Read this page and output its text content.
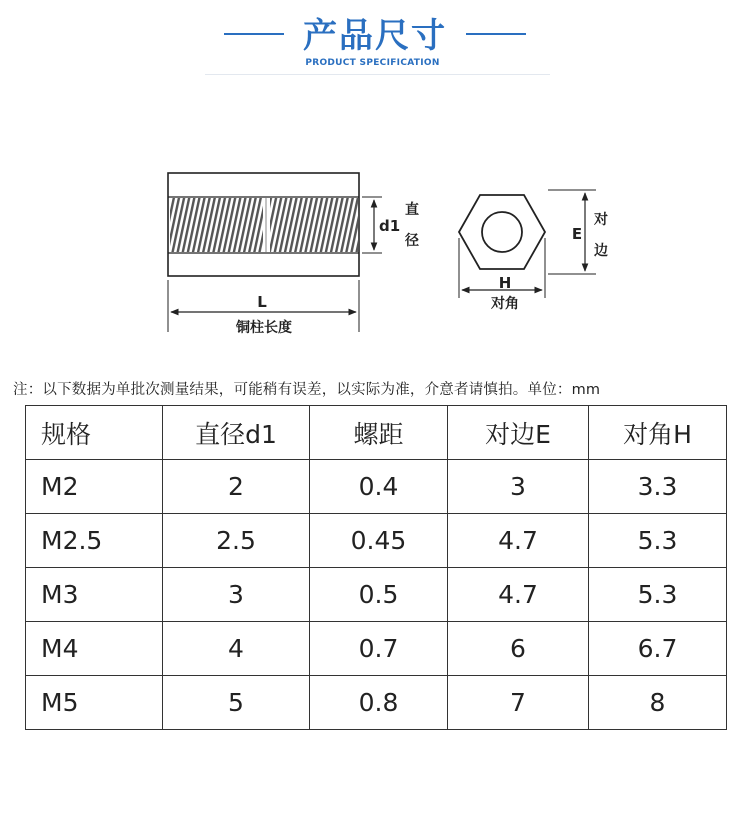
产品尺寸
PRODUCT SPECIFICATION
L
铜柱长度
d1
直
径	E
对
边
H
对角
注：以下数据为单批次测量结果，可能稍有误差，以实际为准，介意者请慎拍。单位：mm
规格	直径d1	螺距	对边E	对角H
M2	2	0.4	3	3.3
M2.5	2.5	0.45	4.7	5.3
M3	3	0.5	4.7	5.3
M4	4	0.7	6	6.7
M5	5	0.8	7	8
